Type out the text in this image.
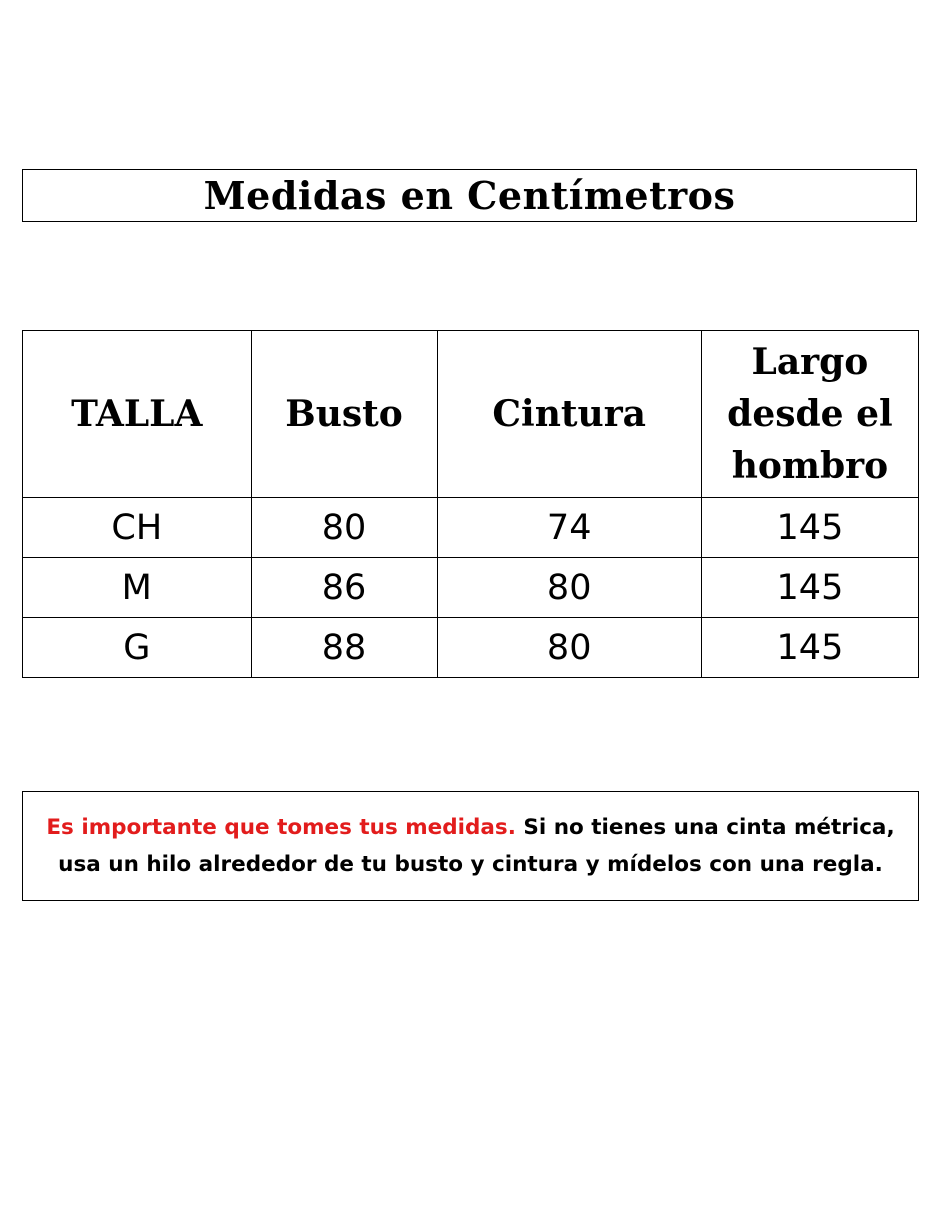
Medidas en Centímetros
TALLA	Busto	Cintura	Largo desde el hombro
CH	80	74	145
M	86	80	145
G	88	80	145

Es importante que tomes tus medidas. Si no tienes una cinta métrica, usa un hilo alrededor de tu busto y cintura y mídelos con una regla.
